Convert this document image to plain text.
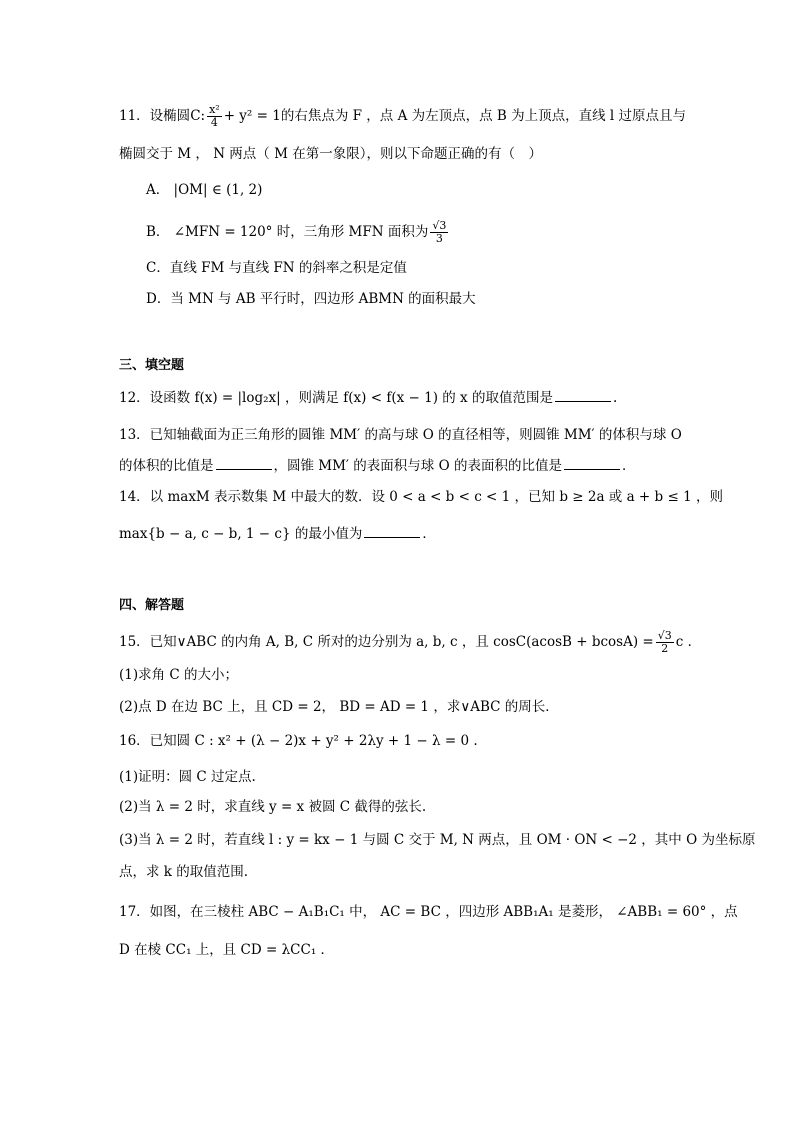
11．设椭圆C: $\frac{\text{x²}}{4} + y^2 = 1$的右焦点为 F ，点 A 为左顶点，点 B 为上顶点，直线 l 过原点且与
椭圆交于 M ， N 两点（ M 在第一象限），则以下命题正确的有（　）
A． |OM| ∈ (1, 2)
B． ∠MFN = 120° 时，三角形 MFN 面积为 $\frac{√3}{3}$
C．直线 FM 与直线 FN 的斜率之积是定值
D．当 MN 与 AB 平行时，四边形 ABMN 的面积最大
三、填空题
12．设函数 f(x) = |log₂x| ，则满足 f(x) < f(x − 1) 的 x 的取值范围是	.
13．已知轴截面为正三角形的圆锥 MM′ 的高与球 O 的直径相等，则圆锥 MM′ 的体积与球 O
的体积的比值是	，圆锥 MM′ 的表面积与球 O 的表面积的比值是	．
14．以 maxM 表示数集 M 中最大的数．设 0 < a < b < c < 1 ，已知 b ≥ 2a 或 a + b ≤ 1 ，则
max{b − a, c − b, 1 − c} 的最小值为	．
四、解答题
15．已知∨ABC 的内角 A, B, C 所对的边分别为 a, b, c ，且 $\cos C(acosB + bcosA) = \frac{√3}{2}$ c ．
(1)求角 C 的大小；
(2)点 D 在边 BC 上，且 CD = 2， BD = AD = 1 ，求∨ABC 的周长．
16．已知圆 C : x² + (λ − 2)x + y² + 2λy + 1 − λ = 0 .
(1)证明：圆 C 过定点.
(2)当 λ = 2 时，求直线 y = x 被圆 C 截得的弦长.
(3)当 λ = 2 时，若直线 l : y = kx − 1 与圆 C 交于 M, N 两点，且 OM · ON < −2 ，其中 O 为坐标原
点，求 k 的取值范围.
17．如图，在三棱柱 ABC − A₁B₁C₁ 中， AC = BC ，四边形 ABB₁A₁ 是菱形， ∠ABB₁ = 60° ，点
D 在棱 CC₁ 上，且 CD = λCC₁ ．
